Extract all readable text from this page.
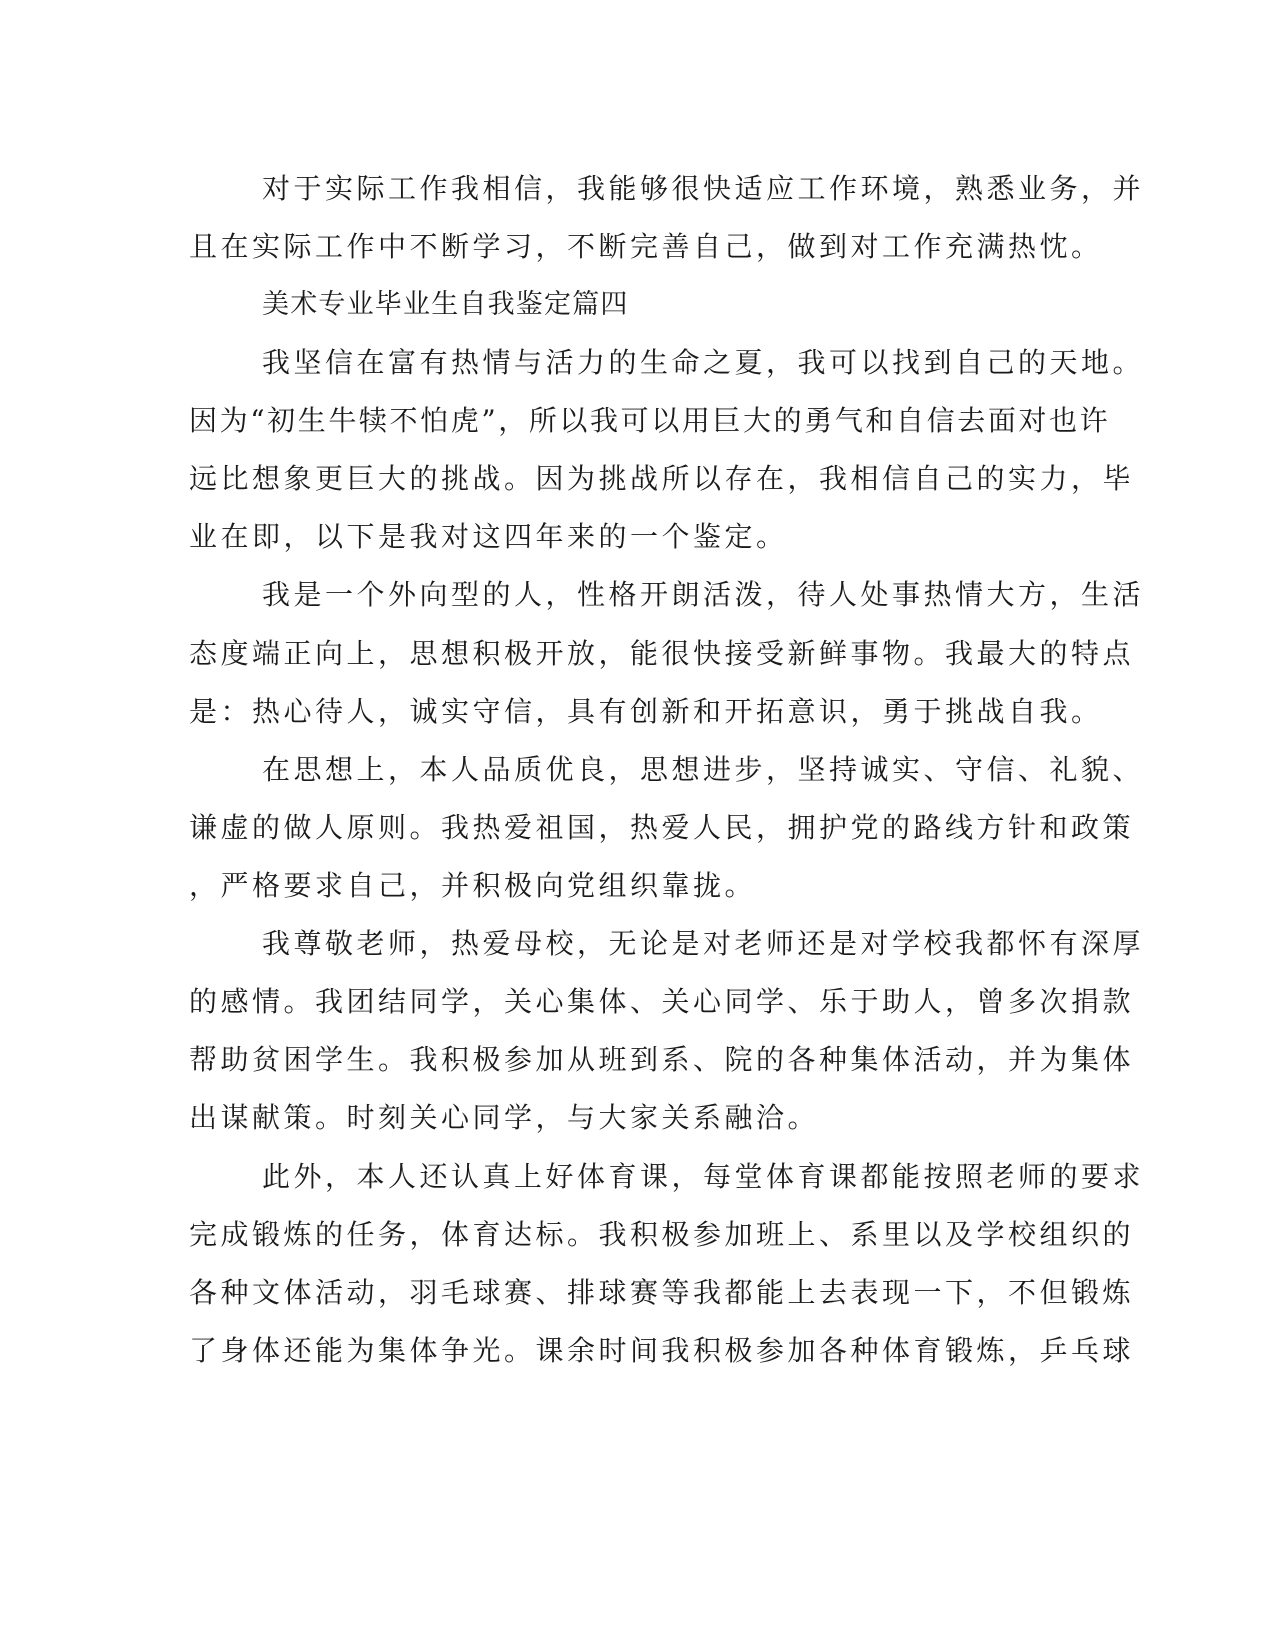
对于实际工作我相信，我能够很快适应工作环境，熟悉业务，并

且在实际工作中不断学习，不断完善自己，做到对工作充满热忱。

美术专业毕业生自我鉴定篇四

我坚信在富有热情与活力的生命之夏，我可以找到自己的天地。

因为“初生牛犊不怕虎”，所以我可以用巨大的勇气和自信去面对也许

远比想象更巨大的挑战。因为挑战所以存在，我相信自己的实力，毕

业在即，以下是我对这四年来的一个鉴定。

我是一个外向型的人，性格开朗活泼，待人处事热情大方，生活

态度端正向上，思想积极开放，能很快接受新鲜事物。我最大的特点

是：热心待人，诚实守信，具有创新和开拓意识，勇于挑战自我。

在思想上，本人品质优良，思想进步，坚持诚实、守信、礼貌、

谦虚的做人原则。我热爱祖国，热爱人民，拥护党的路线方针和政策

，严格要求自己，并积极向党组织靠拢。

我尊敬老师，热爱母校，无论是对老师还是对学校我都怀有深厚

的感情。我团结同学，关心集体、关心同学、乐于助人，曾多次捐款

帮助贫困学生。我积极参加从班到系、院的各种集体活动，并为集体

出谋献策。时刻关心同学，与大家关系融洽。

此外，本人还认真上好体育课，每堂体育课都能按照老师的要求

完成锻炼的任务，体育达标。我积极参加班上、系里以及学校组织的

各种文体活动，羽毛球赛、排球赛等我都能上去表现一下，不但锻炼

了身体还能为集体争光。课余时间我积极参加各种体育锻炼，乒乓球
